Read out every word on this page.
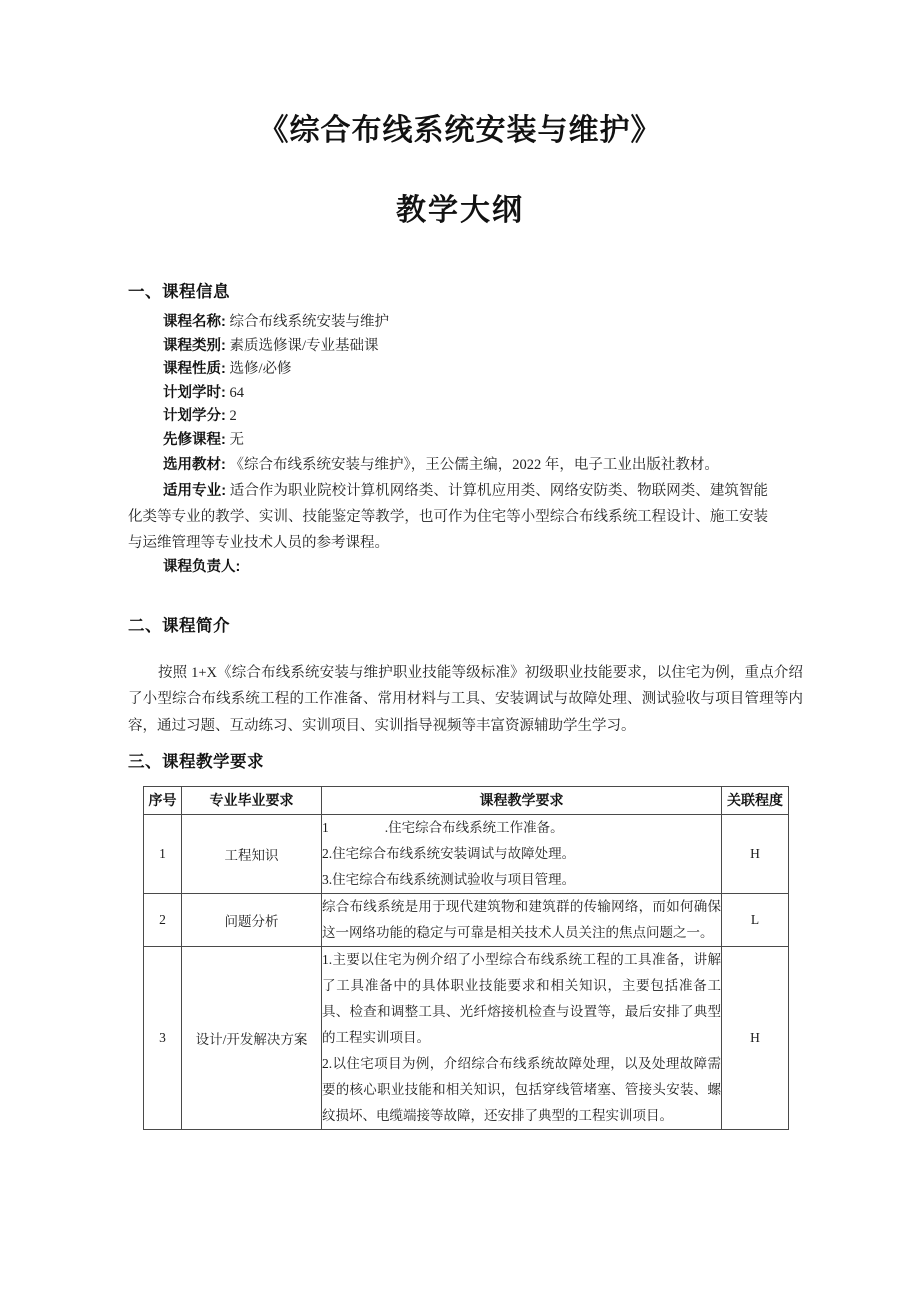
《综合布线系统安装与维护》
教学大纲
一、课程信息
课程名称: 综合布线系统安装与维护
课程类别: 素质选修课/专业基础课
课程性质: 选修/必修
计划学时: 64
计划学分: 2
先修课程: 无
选用教材: 《综合布线系统安装与维护》，王公儒主编，2022 年，电子工业出版社教材。
适用专业: 适合作为职业院校计算机网络类、计算机应用类、网络安防类、物联网类、建筑智能化类等专业的教学、实训、技能鉴定等教学，也可作为住宅等小型综合布线系统工程设计、施工安装与运维管理等专业技术人员的参考课程。
课程负责人:
二、课程简介

按照 1+X《综合布线系统安装与维护职业技能等级标准》初级职业技能要求，以住宅为例，重点介绍了小型综合布线系统工程的工作准备、常用材料与工具、安装调试与故障处理、测试验收与项目管理等内容，通过习题、互动练习、实训项目、实训指导视频等丰富资源辅助学生学习。

三、课程教学要求
序号	专业毕业要求	课程教学要求	关联程度
1	工程知识	1 .住宅综合布线系统工作准备。
2.住宅综合布线系统安装调试与故障处理。
3.住宅综合布线系统测试验收与项目管理。	H
2	问题分析	综合布线系统是用于现代建筑物和建筑群的传输网络，而如何确保这一网络功能的稳定与可靠是相关技术人员关注的焦点问题之一。	L
3	设计/开发解决方案	1.主要以住宅为例介绍了小型综合布线系统工程的工具准备，讲解了工具准备中的具体职业技能要求和相关知识，主要包括准备工具、检查和调整工具、光纤熔接机检查与设置等，最后安排了典型的工程实训项目。
2.以住宅项目为例，介绍综合布线系统故障处理，以及处理故障需要的核心职业技能和相关知识，包括穿线管堵塞、管接头安装、螺纹损坏、电缆端接等故障，还安排了典型的工程实训项目。	H
